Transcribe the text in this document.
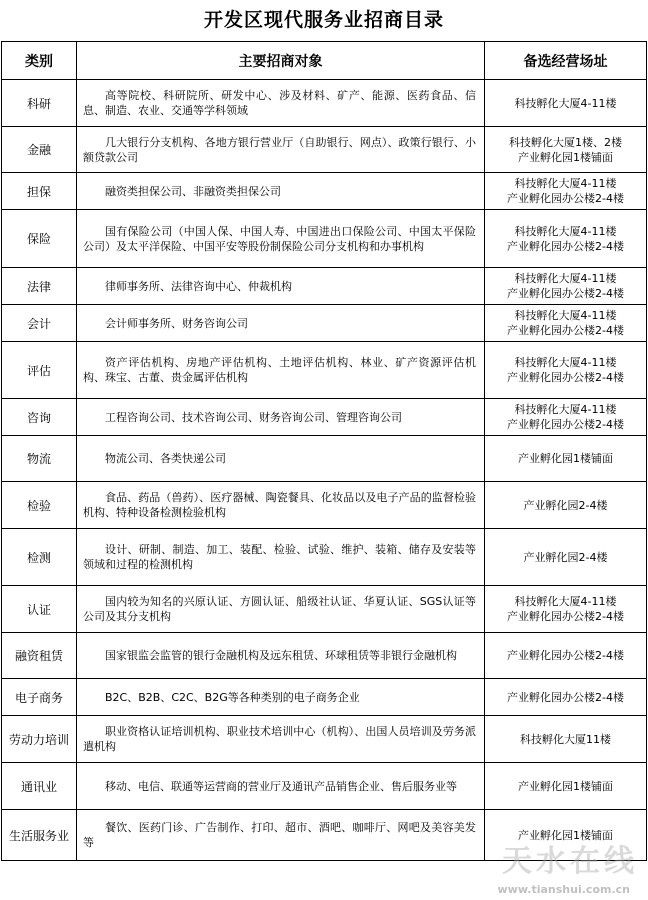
开发区现代服务业招商目录
类别	主要招商对象	备选经营场址
科研	高等院校、科研院所、研发中心、涉及材料、矿产、能源、医药食品、信息、制造、农业、交通等学科领域	科技孵化大厦4-11楼

金融	几大银行分支机构、各地方银行营业厅（自助银行、网点）、政策行银行、小额贷款公司	科技孵化大厦1楼、2楼
产业孵化园1楼铺面

担保	融资类担保公司、非融资类担保公司	科技孵化大厦4-11楼
产业孵化园办公楼2-4楼

保险	国有保险公司（中国人保、中国人寿、中国进出口保险公司、中国太平保险公司）及太平洋保险、中国平安等股份制保险公司分支机构和办事机构	科技孵化大厦4-11楼
产业孵化园办公楼2-4楼

法律	律师事务所、法律咨询中心、仲裁机构	科技孵化大厦4-11楼
产业孵化园办公楼2-4楼

会计	会计师事务所、财务咨询公司	科技孵化大厦4-11楼
产业孵化园办公楼2-4楼

评估	资产评估机构、房地产评估机构、土地评估机构、林业、矿产资源评估机构、珠宝、古董、贵金属评估机构	科技孵化大厦4-11楼
产业孵化园办公楼2-4楼

咨询	工程咨询公司、技术咨询公司、财务咨询公司、管理咨询公司	科技孵化大厦4-11楼
产业孵化园办公楼2-4楼

物流	物流公司、各类快递公司	产业孵化园1楼铺面

检验	食品、药品（兽药）、医疗器械、陶瓷餐具、化妆品以及电子产品的监督检验机构、特种设备检测检验机构	产业孵化园2-4楼

检测	设计、研制、制造、加工、装配、检验、试验、维护、装箱、储存及安装等领域和过程的检测机构	产业孵化园2-4楼

认证	国内较为知名的兴原认证、方圆认证、船级社认证、华夏认证、SGS认证等公司及其分支机构	科技孵化大厦4-11楼
产业孵化园办公楼2-4楼

融资租赁	国家银监会监管的银行金融机构及远东租赁、环球租赁等非银行金融机构	产业孵化园办公楼2-4楼

电子商务	B2C、B2B、C2C、B2G等各种类别的电子商务企业	产业孵化园办公楼2-4楼

劳动力培训	职业资格认证培训机构、职业技术培训中心（机构）、出国人员培训及劳务派遣机构	科技孵化大厦11楼

通讯业	移动、电信、联通等运营商的营业厅及通讯产品销售企业、售后服务业等	产业孵化园1楼铺面

生活服务业	餐饮、医药门诊、广告制作、打印、超市、酒吧、咖啡厅、网吧及美容美发等	产业孵化园1楼铺面
天水在线
www.tianshui.com.cn
